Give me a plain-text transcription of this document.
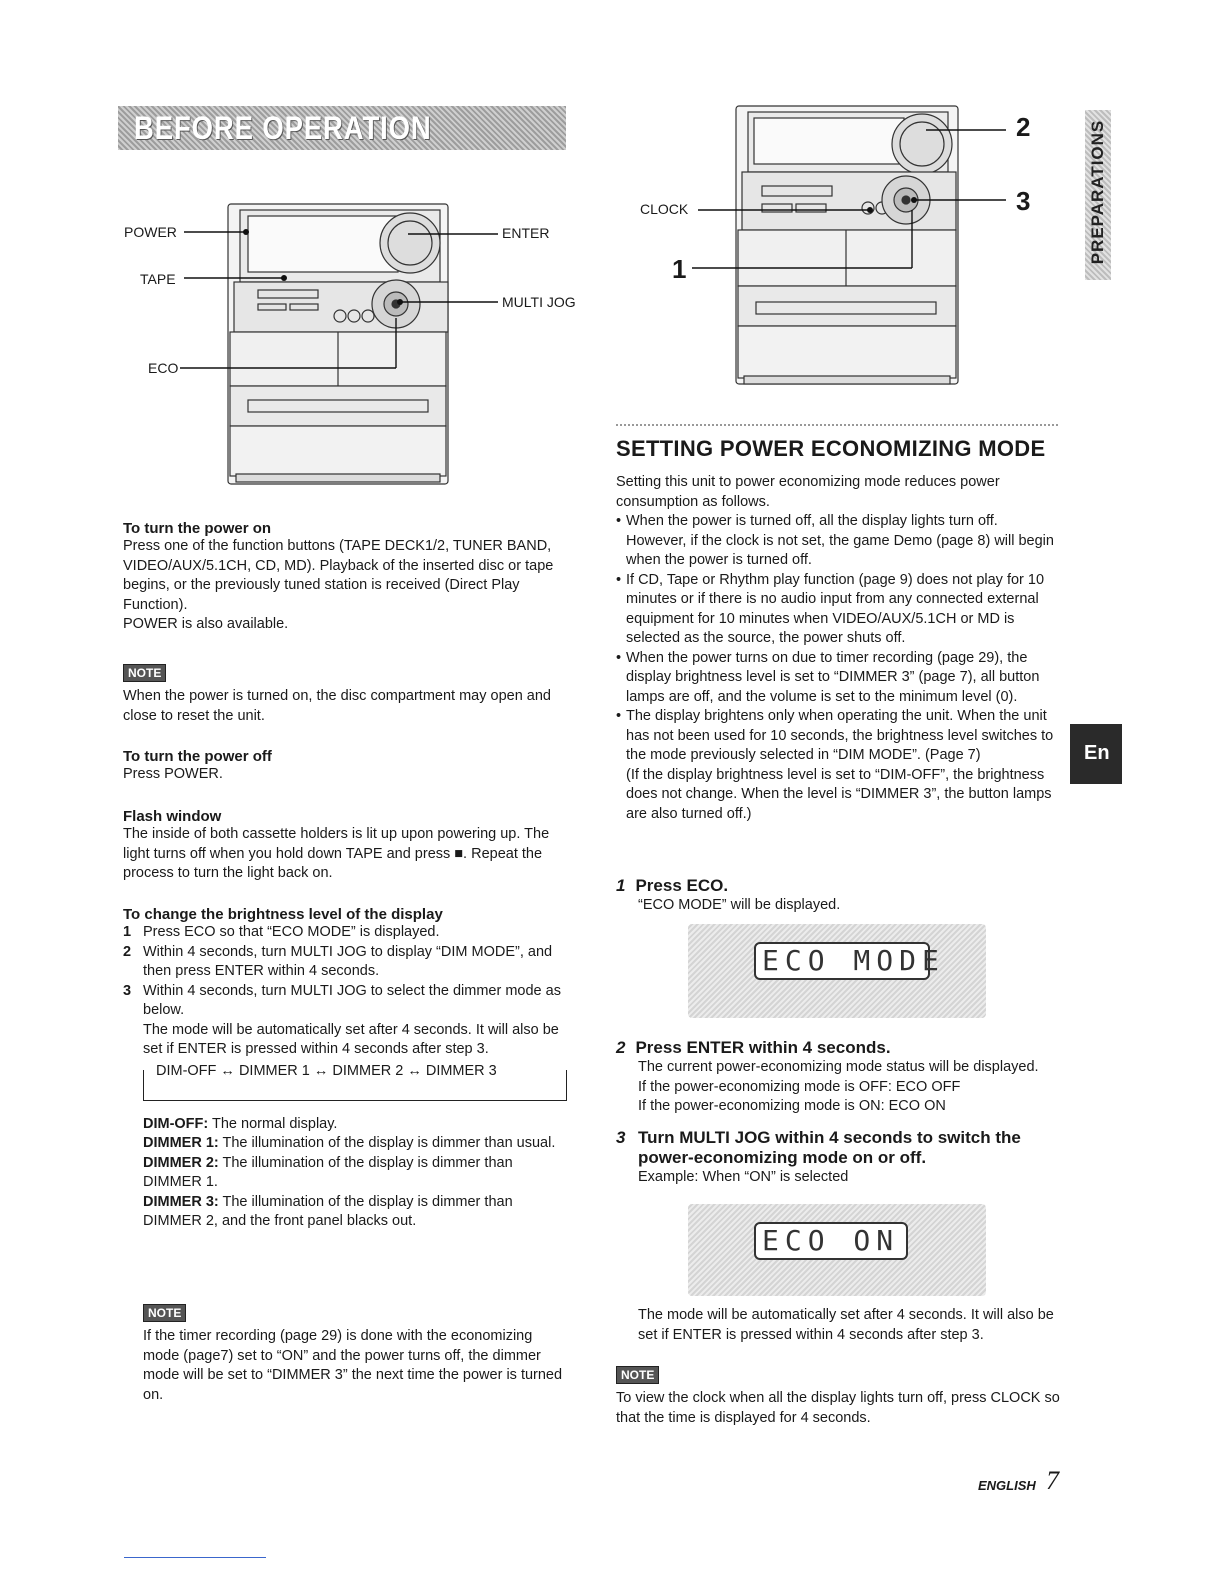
BEFORE OPERATION
POWER
TAPE
ECO
ENTER
MULTI JOG
CLOCK
1
2
3	PREPARATIONS
En
To turn the power on
Press one of the function buttons (TAPE DECK1/2, TUNER BAND, VIDEO/AUX/5.1CH, CD, MD). Playback of the inserted disc or tape begins, or the previously tuned station is received (Direct Play Function).
POWER is also available.
NOTE
When the power is turned on, the disc compartment may open and close to reset the unit.
To turn the power off
Press POWER.
Flash window
The inside of both cassette holders is lit up upon powering up. The light turns off when you hold down TAPE and press ■. Repeat the process to turn the light back on.
To change the brightness level of the display
1 Press ECO so that “ECO MODE” is displayed.
2 Within 4 seconds, turn MULTI JOG to display “DIM MODE”, and then press ENTER within 4 seconds.
3 Within 4 seconds, turn MULTI JOG to select the dimmer mode as below.
The mode will be automatically set after 4 seconds. It will also be set if ENTER is pressed within 4 seconds after step 3.
DIM-OFF ↔ DIMMER 1 ↔ DIMMER 2 ↔ DIMMER 3
DIM-OFF: The normal display.
DIMMER 1: The illumination of the display is dimmer than usual.
DIMMER 2: The illumination of the display is dimmer than DIMMER 1.
DIMMER 3: The illumination of the display is dimmer than DIMMER 2, and the front panel blacks out.
NOTE
If the timer recording (page 29) is done with the economizing mode (page7) set to “ON” and the power turns off, the dimmer mode will be set to “DIMMER 3” the next time the power is turned on.
SETTING POWER ECONOMIZING MODE
Setting this unit to power economizing mode reduces power consumption as follows.
• When the power is turned off, all the display lights turn off. However, if the clock is not set, the game Demo (page 8) will begin when the power is turned off.
• If CD, Tape or Rhythm play function (page 9) does not play for 10 minutes or if there is no audio input from any connected external equipment for 10 minutes when VIDEO/AUX/5.1CH or MD is selected as the source, the power shuts off.
• When the power turns on due to timer recording (page 29), the display brightness level is set to “DIMMER 3” (page 7), all button lamps are off, and the volume is set to the minimum level (0).
• The display brightens only when operating the unit. When the unit has not been used for 10 seconds, the brightness level switches to the mode previously selected in “DIM MODE”. (Page 7)
(If the display brightness level is set to “DIM-OFF”, the brightness does not change. When the level is “DIMMER 3”, the button lamps are also turned off.)
1 Press ECO.
“ECO MODE” will be displayed.
ECO MODE
2 Press ENTER within 4 seconds.
The current power-economizing mode status will be displayed.
If the power-economizing mode is OFF: ECO OFF
If the power-economizing mode is ON: ECO ON
3 Turn MULTI JOG within 4 seconds to switch the power-economizing mode on or off.
Example: When “ON” is selected
ECO ON
The mode will be automatically set after 4 seconds. It will also be set if ENTER is pressed within 4 seconds after step 3.
NOTE
To view the clock when all the display lights turn off, press CLOCK so that the time is displayed for 4 seconds.
ENGLISH 7
